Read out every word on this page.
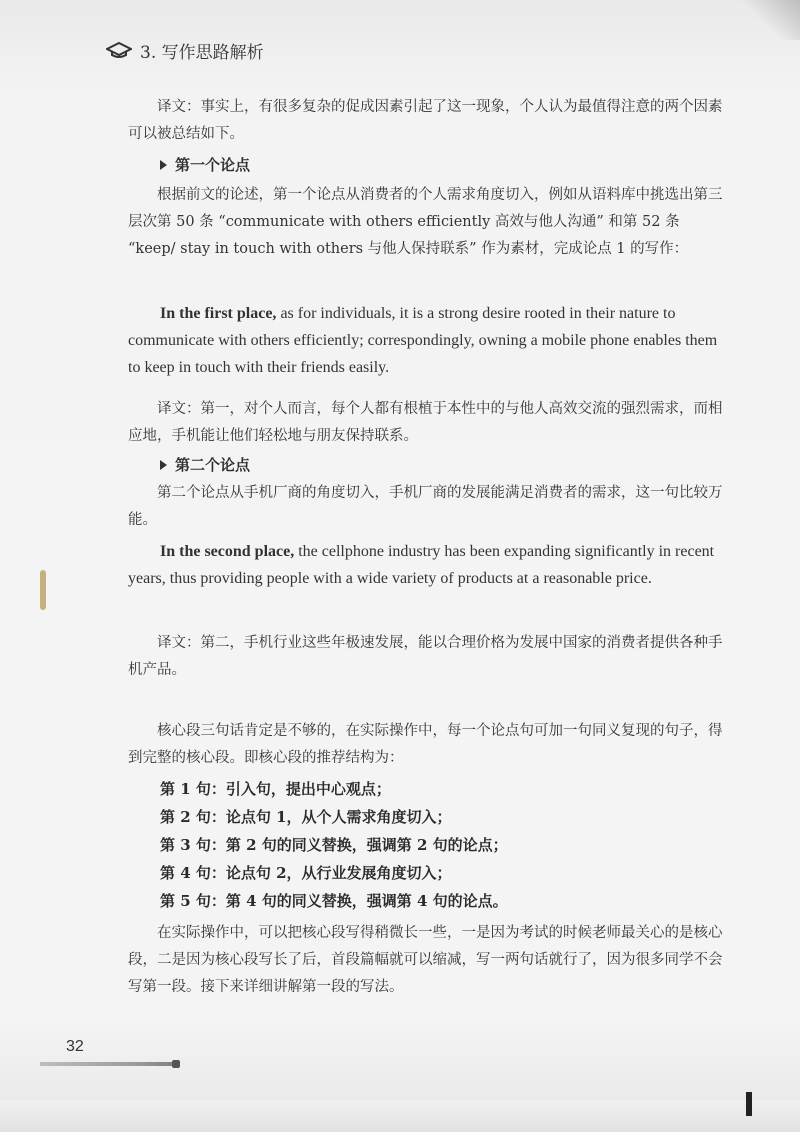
3. 写作思路解析
译文：事实上，有很多复杂的促成因素引起了这一现象，个人认为最值得注意的两个因素可以被总结如下。
第一个论点
根据前文的论述，第一个论点从消费者的个人需求角度切入，例如从语料库中挑选出第三层次第 50 条 “communicate with others efficiently 高效与他人沟通” 和第 52 条 “keep/ stay in touch with others 与他人保持联系” 作为素材，完成论点 1 的写作：
In the first place, as for individuals, it is a strong desire rooted in their nature to communicate with others efficiently; correspondingly, owning a mobile phone enables them to keep in touch with their friends easily.
译文：第一，对个人而言，每个人都有根植于本性中的与他人高效交流的强烈需求，而相应地，手机能让他们轻松地与朋友保持联系。
第二个论点
第二个论点从手机厂商的角度切入，手机厂商的发展能满足消费者的需求，这一句比较万能。
In the second place, the cellphone industry has been expanding significantly in recent years, thus providing people with a wide variety of products at a reasonable price.
译文：第二，手机行业这些年极速发展，能以合理价格为发展中国家的消费者提供各种手机产品。
核心段三句话肯定是不够的，在实际操作中，每一个论点句可加一句同义复现的句子，得到完整的核心段。即核心段的推荐结构为：
第 1 句：引入句，提出中心观点；
第 2 句：论点句 1，从个人需求角度切入；
第 3 句：第 2 句的同义替换，强调第 2 句的论点；
第 4 句：论点句 2，从行业发展角度切入；
第 5 句：第 4 句的同义替换，强调第 4 句的论点。
在实际操作中，可以把核心段写得稍微长一些，一是因为考试的时候老师最关心的是核心段，二是因为核心段写长了后，首段篇幅就可以缩减，写一两句话就行了，因为很多同学不会写第一段。接下来详细讲解第一段的写法。
32
